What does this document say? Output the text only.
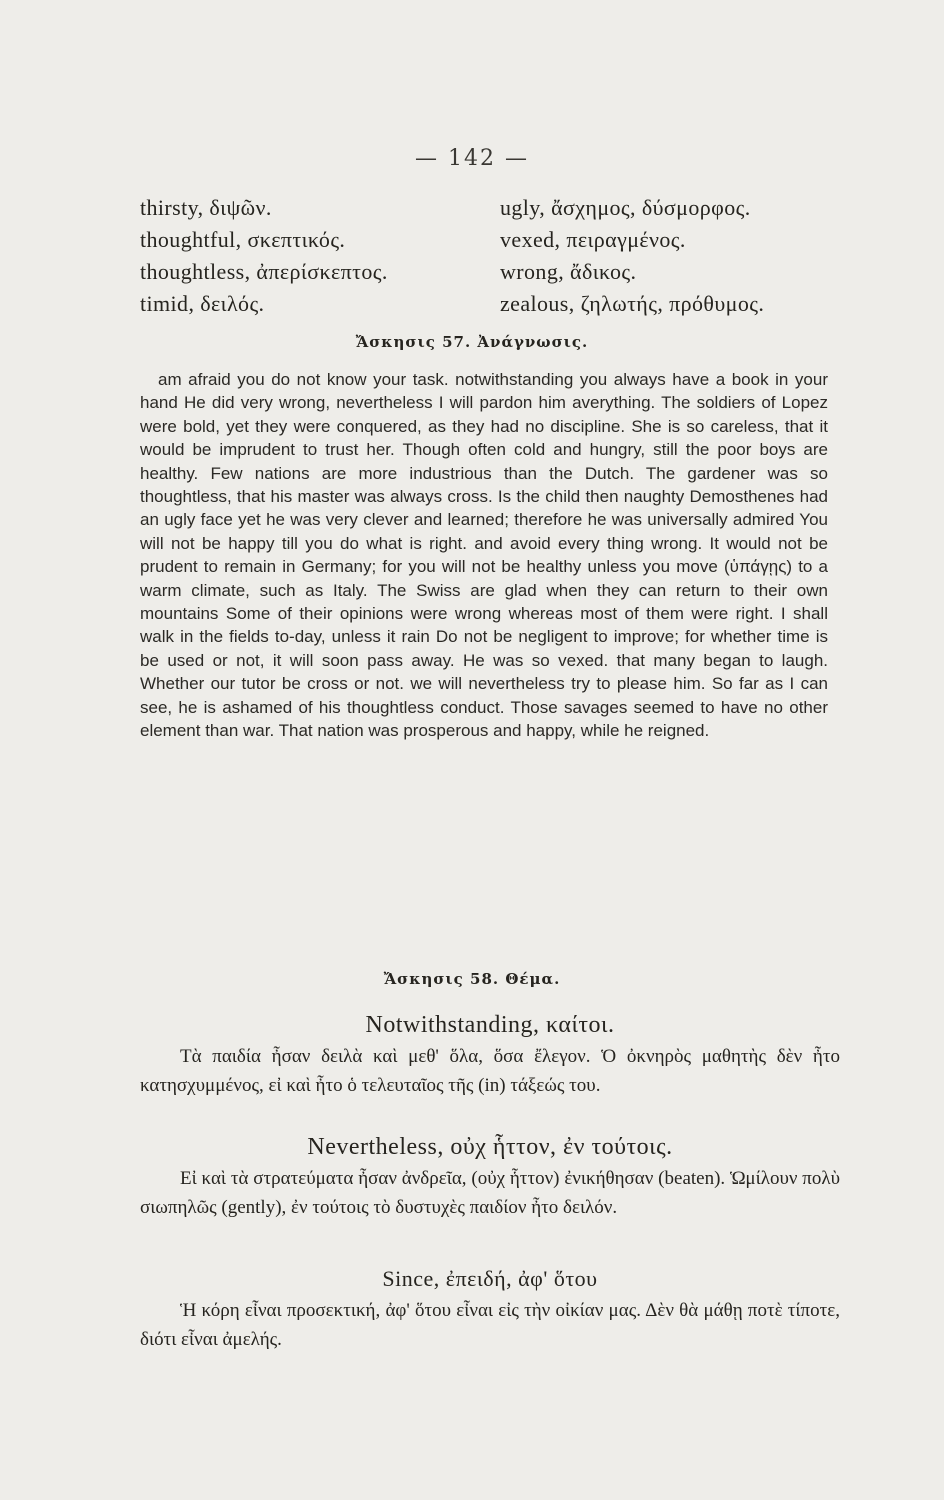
— 142 —
thirsty, διψῶν.
thoughtful, σκεπτικός.
thoughtless, ἀπερίσκεπτος.
timid, δειλός.
ugly, ἄσχημος, δύσμορφος.
vexed, πειραγμένος.
wrong, ἄδικος.
zealous, ζηλωτής, πρόθυμος.
Ἄσκησις 57. Ἀνάγνωσις.

am afraid you do not know your task. notwithstanding you always have a book in your hand He did very wrong, nevertheless I will pardon him averything. The soldiers of Lopez were bold, yet they were conquered, as they had no discipline. She is so careless, that it would be imprudent to trust her. Though often cold and hungry, still the poor boys are healthy. Few nations are more industrious than the Dutch. The gardener was so thoughtless, that his master was always cross. Is the child then naughty Demosthenes had an ugly face yet he was very clever and learned; therefore he was universally admired You will not be happy till you do what is right. and avoid every thing wrong. It would not be prudent to remain in Germany; for you will not be healthy unless you move (ὑπάγῃς) to a warm climate, such as Italy. The Swiss are glad when they can return to their own mountains Some of their opinions were wrong whereas most of them were right. I shall walk in the fields to-day, unless it rain Do not be negligent to improve; for whether time is be used or not, it will soon pass away. He was so vexed. that many began to laugh. Whether our tutor be cross or not. we will nevertheless try to please him. So far as I can see, he is ashamed of his thoughtless conduct. Those savages seemed to have no other element than war. That nation was prosperous and happy, while he reigned.

Ἄσκησις 58. Θέμα.

Notwithstanding, καίτοι.

Τὰ παιδία ἦσαν δειλὰ καὶ μεθ' ὅλα, ὅσα ἔλεγον. Ὁ ὀκνηρὸς μαθητὴς δὲν ἦτο κατησχυμμένος, εἰ καὶ ἦτο ὁ τελευταῖος τῆς (in) τάξεώς του.

Nevertheless, οὐχ ἧττον, ἐν τούτοις.

Εἰ καὶ τὰ στρατεύματα ἦσαν ἀνδρεῖα, (οὐχ ἧττον) ἐνικήθησαν (beaten). Ὡμίλουν πολὺ σιωπηλῶς (gently), ἐν τούτοις τὸ δυστυχὲς παιδίον ἦτο δειλόν.

Since, ἐπειδή, ἀφ' ὅτου

Ἡ κόρη εἶναι προσεκτική, ἀφ' ὅτου εἶναι εἰς τὴν οἰκίαν μας. Δὲν θὰ μάθῃ ποτὲ τίποτε, διότι εἶναι ἀμελής.
